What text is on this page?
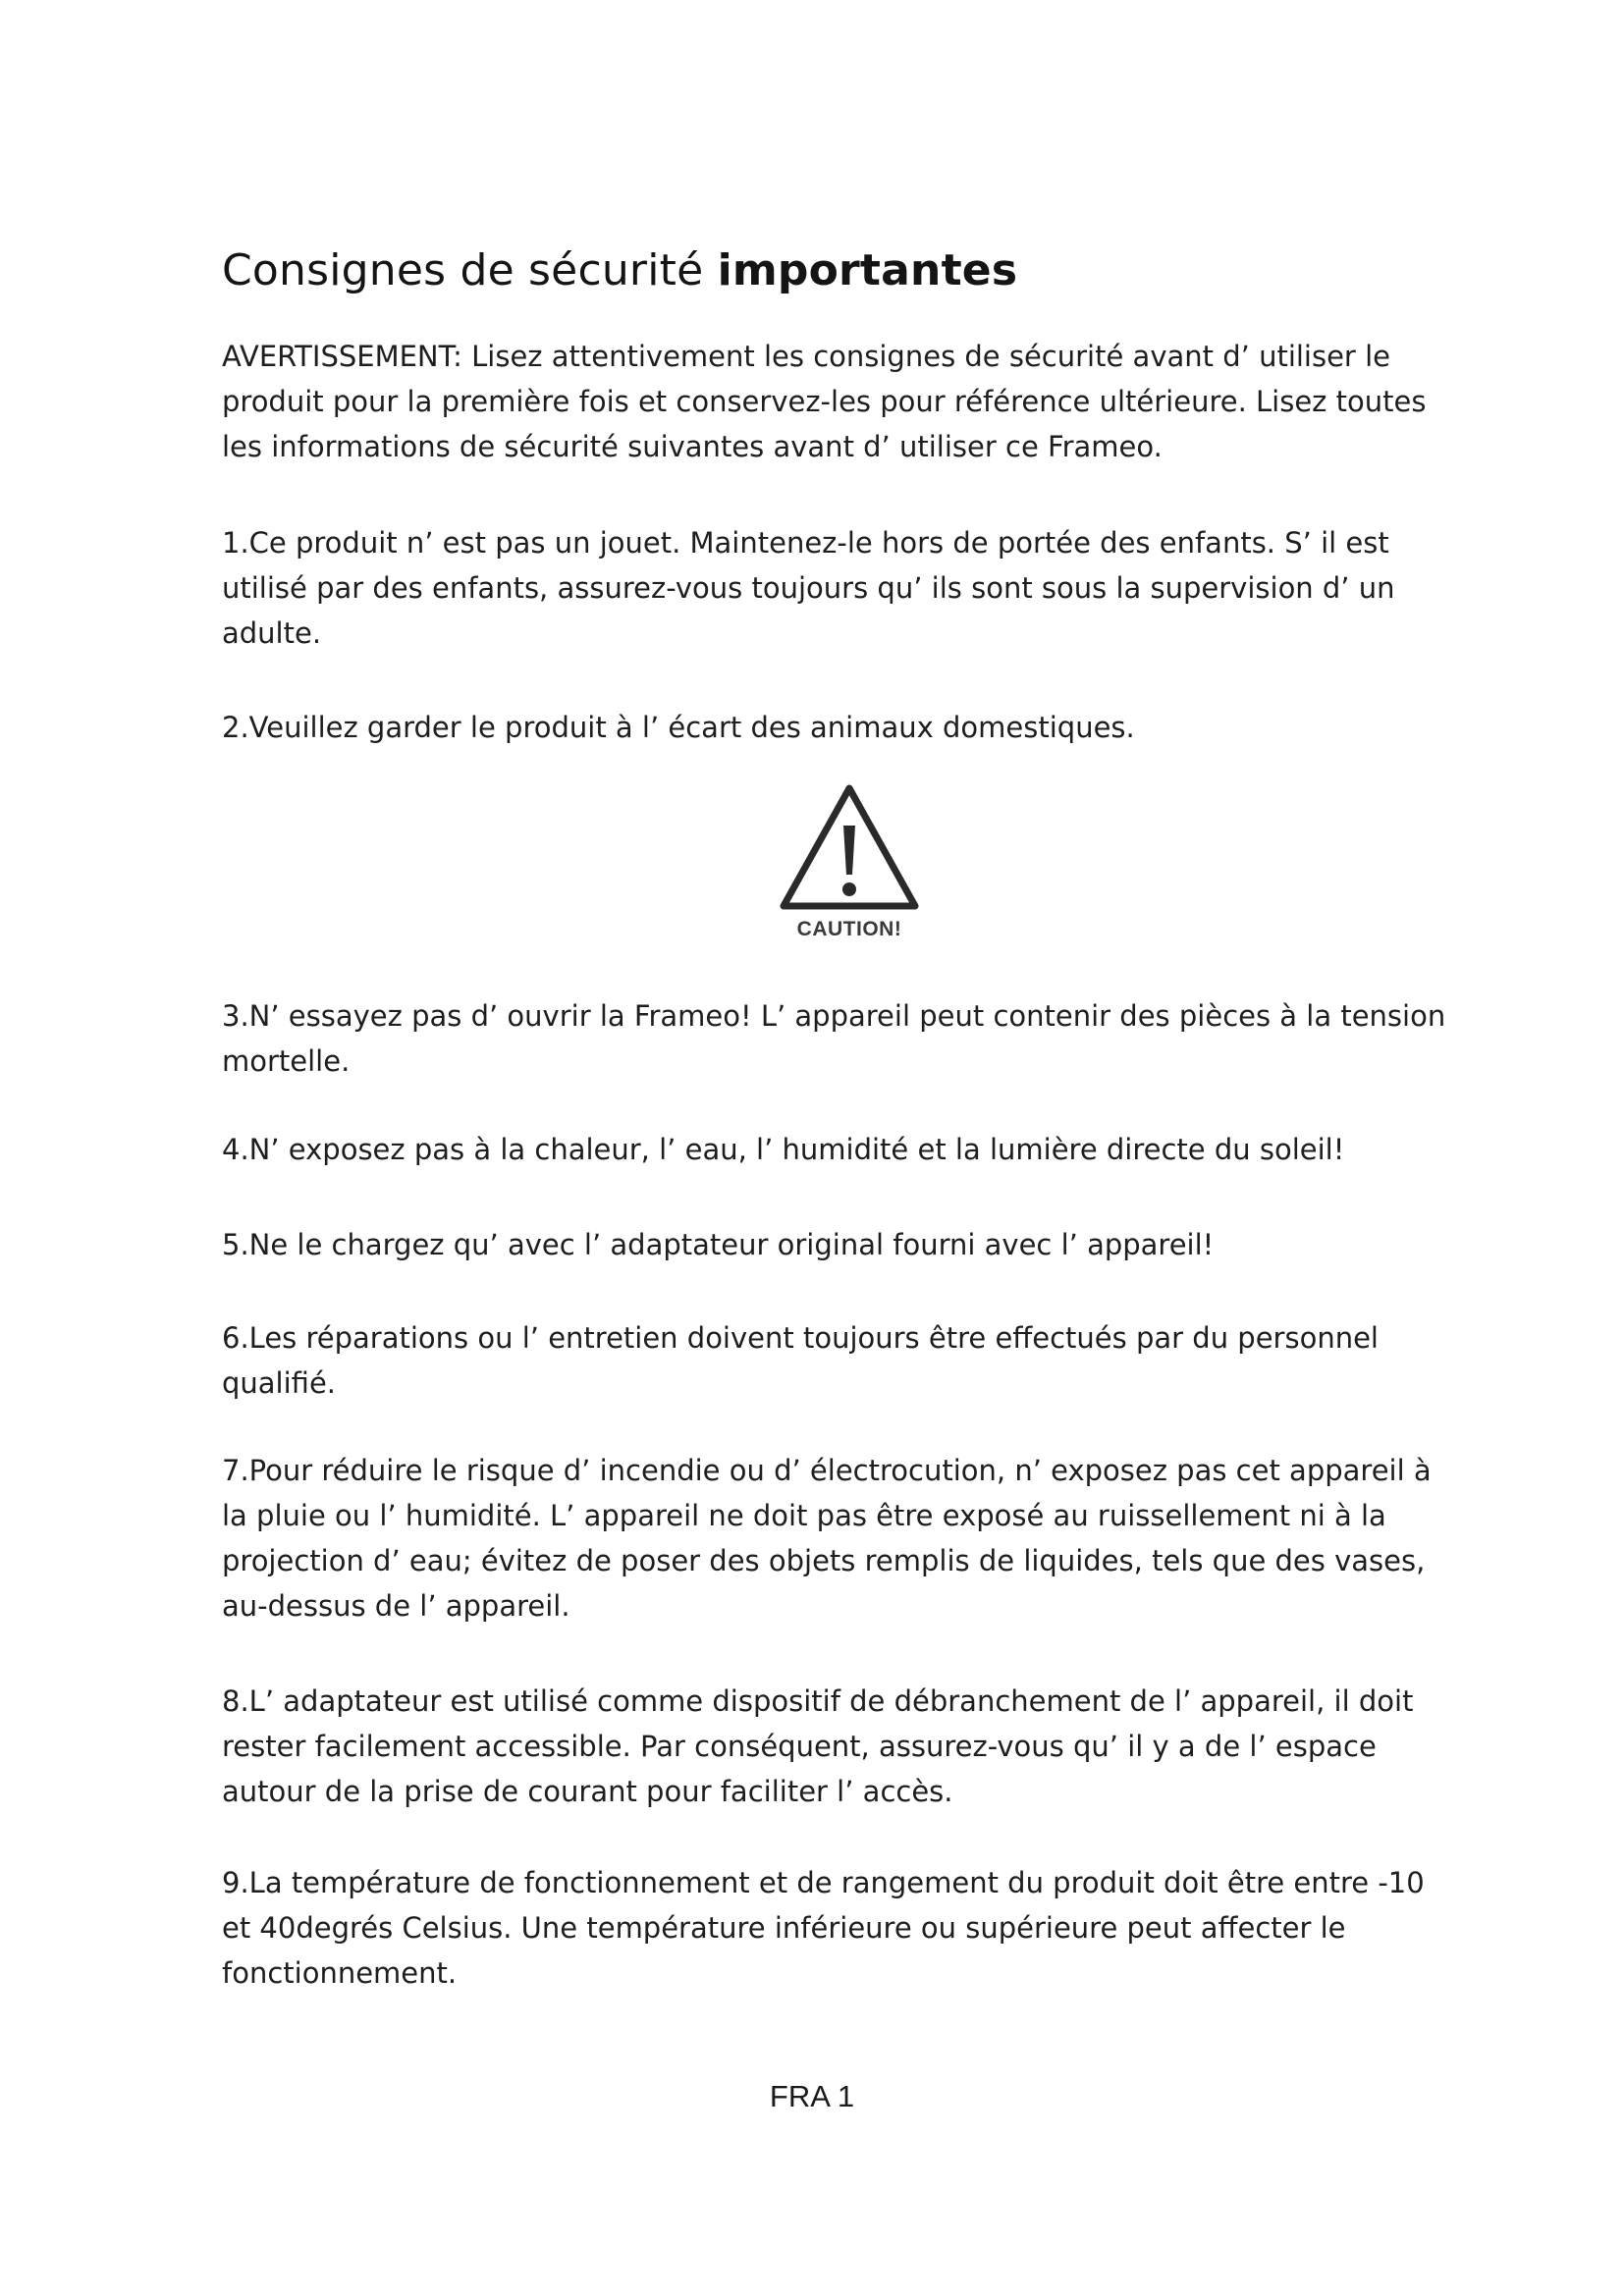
Consignes de sécurité importantes

AVERTISSEMENT: Lisez attentivement les consignes de sécurité avant d’ utiliser le produit pour la première fois et conservez-les pour référence ultérieure. Lisez toutes les informations de sécurité suivantes avant d’ utiliser ce Frameo.

1.Ce produit n’ est pas un jouet. Maintenez-le hors de portée des enfants. S’ il est utilisé par des enfants, assurez-vous toujours qu’ ils sont sous la supervision d’ un adulte.

2.Veuillez garder le produit à l’ écart des animaux domestiques.

CAUTION!

3.N’ essayez pas d’ ouvrir la Frameo! L’ appareil peut contenir des pièces à la tension mortelle.

4.N’ exposez pas à la chaleur, l’ eau, l’ humidité et la lumière directe du soleil!

5.Ne le chargez qu’ avec l’ adaptateur original fourni avec l’ appareil!

6.Les réparations ou l’ entretien doivent toujours être effectués par du personnel qualifié.

7.Pour réduire le risque d’ incendie ou d’ électrocution, n’ exposez pas cet appareil à la pluie ou l’ humidité. L’ appareil ne doit pas être exposé au ruissellement ni à la projection d’ eau; évitez de poser des objets remplis de liquides, tels que des vases, au-dessus de l’ appareil.

8.L’ adaptateur est utilisé comme dispositif de débranchement de l’ appareil, il doit rester facilement accessible. Par conséquent, assurez-vous qu’ il y a de l’ espace autour de la prise de courant pour faciliter l’ accès.

9.La température de fonctionnement et de rangement du produit doit être entre -10 et 40degrés Celsius. Une température inférieure ou supérieure peut affecter le fonctionnement.

FRA 1
